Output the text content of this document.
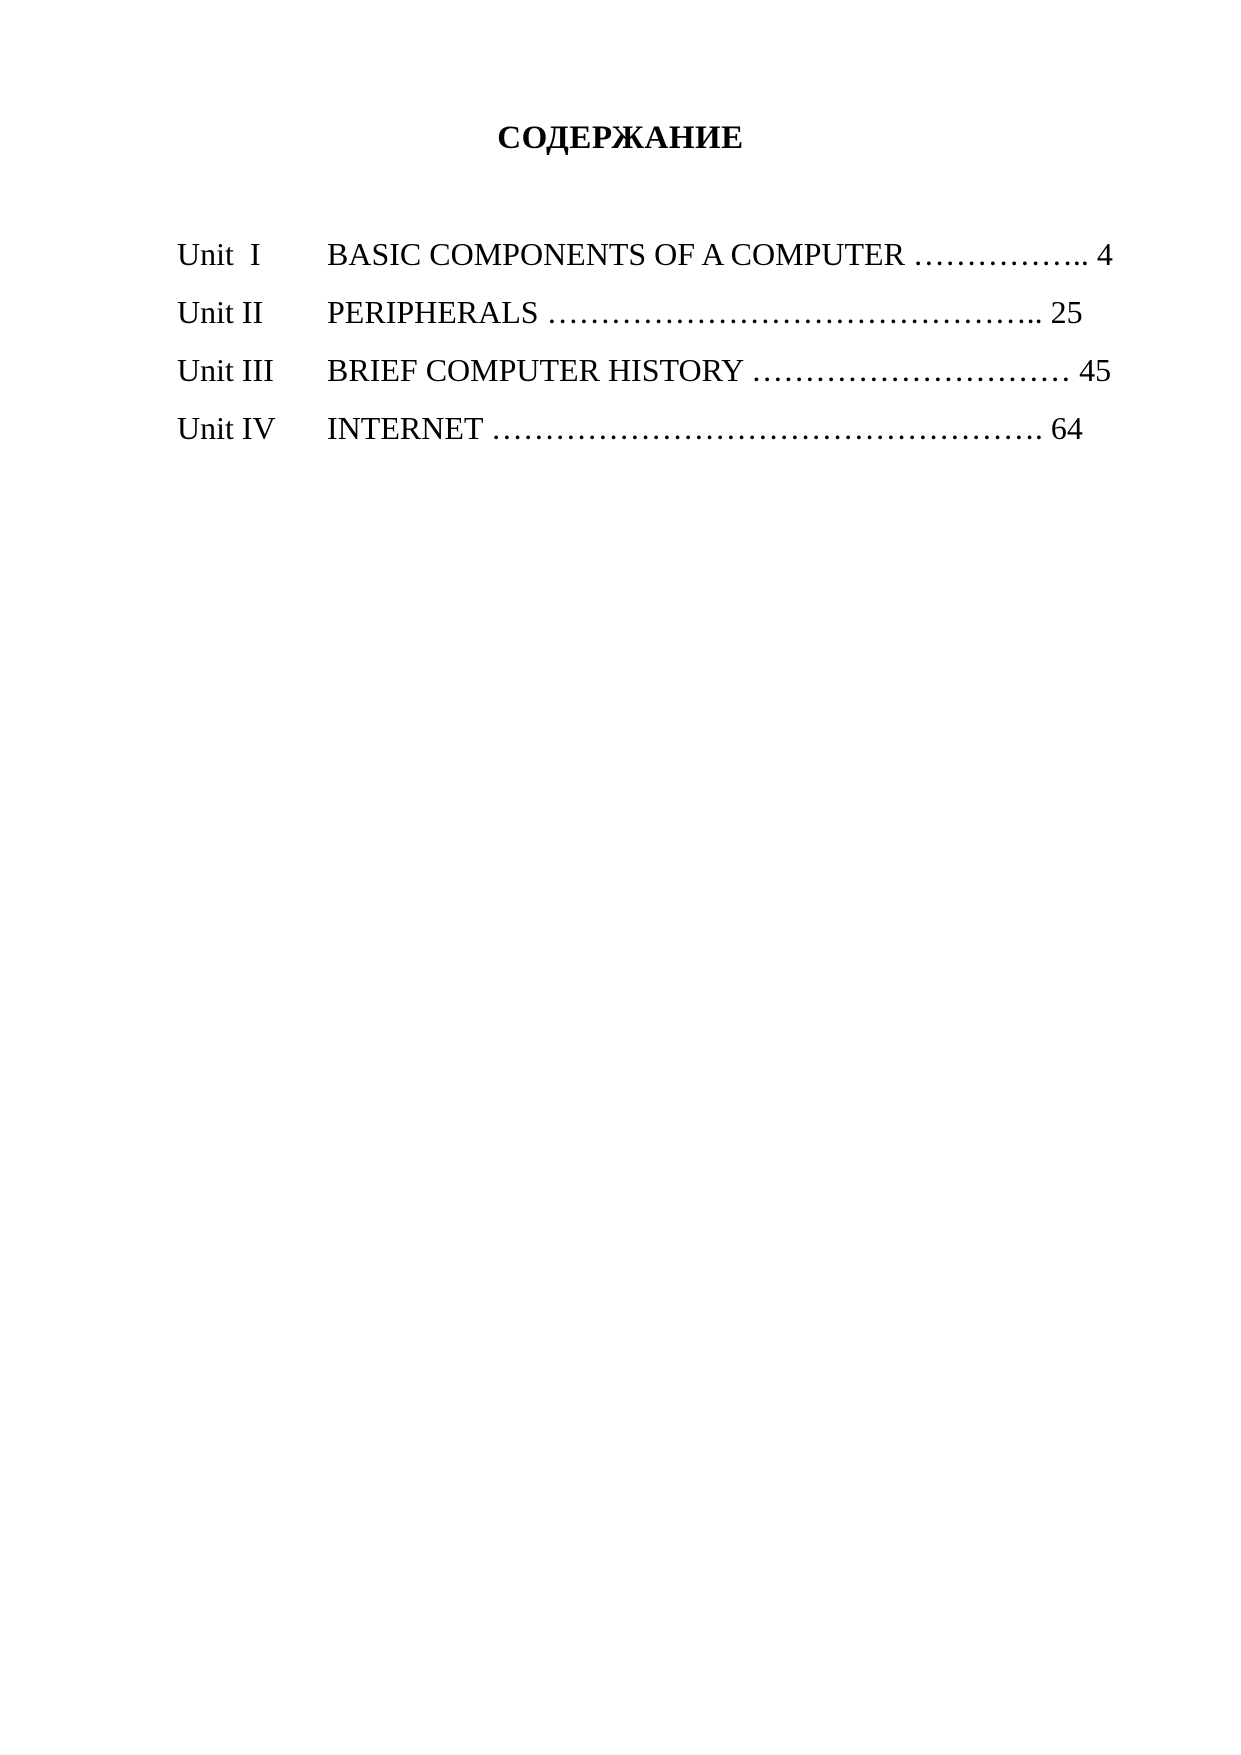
СОДЕРЖАНИЕ
Unit  I	BASIC COMPONENTS OF A COMPUTER …………….. 4
Unit II	PERIPHERALS ……………………………………….. 25
Unit III	BRIEF COMPUTER HISTORY ………………………… 45
Unit IV	INTERNET ……………………………………………. 64
